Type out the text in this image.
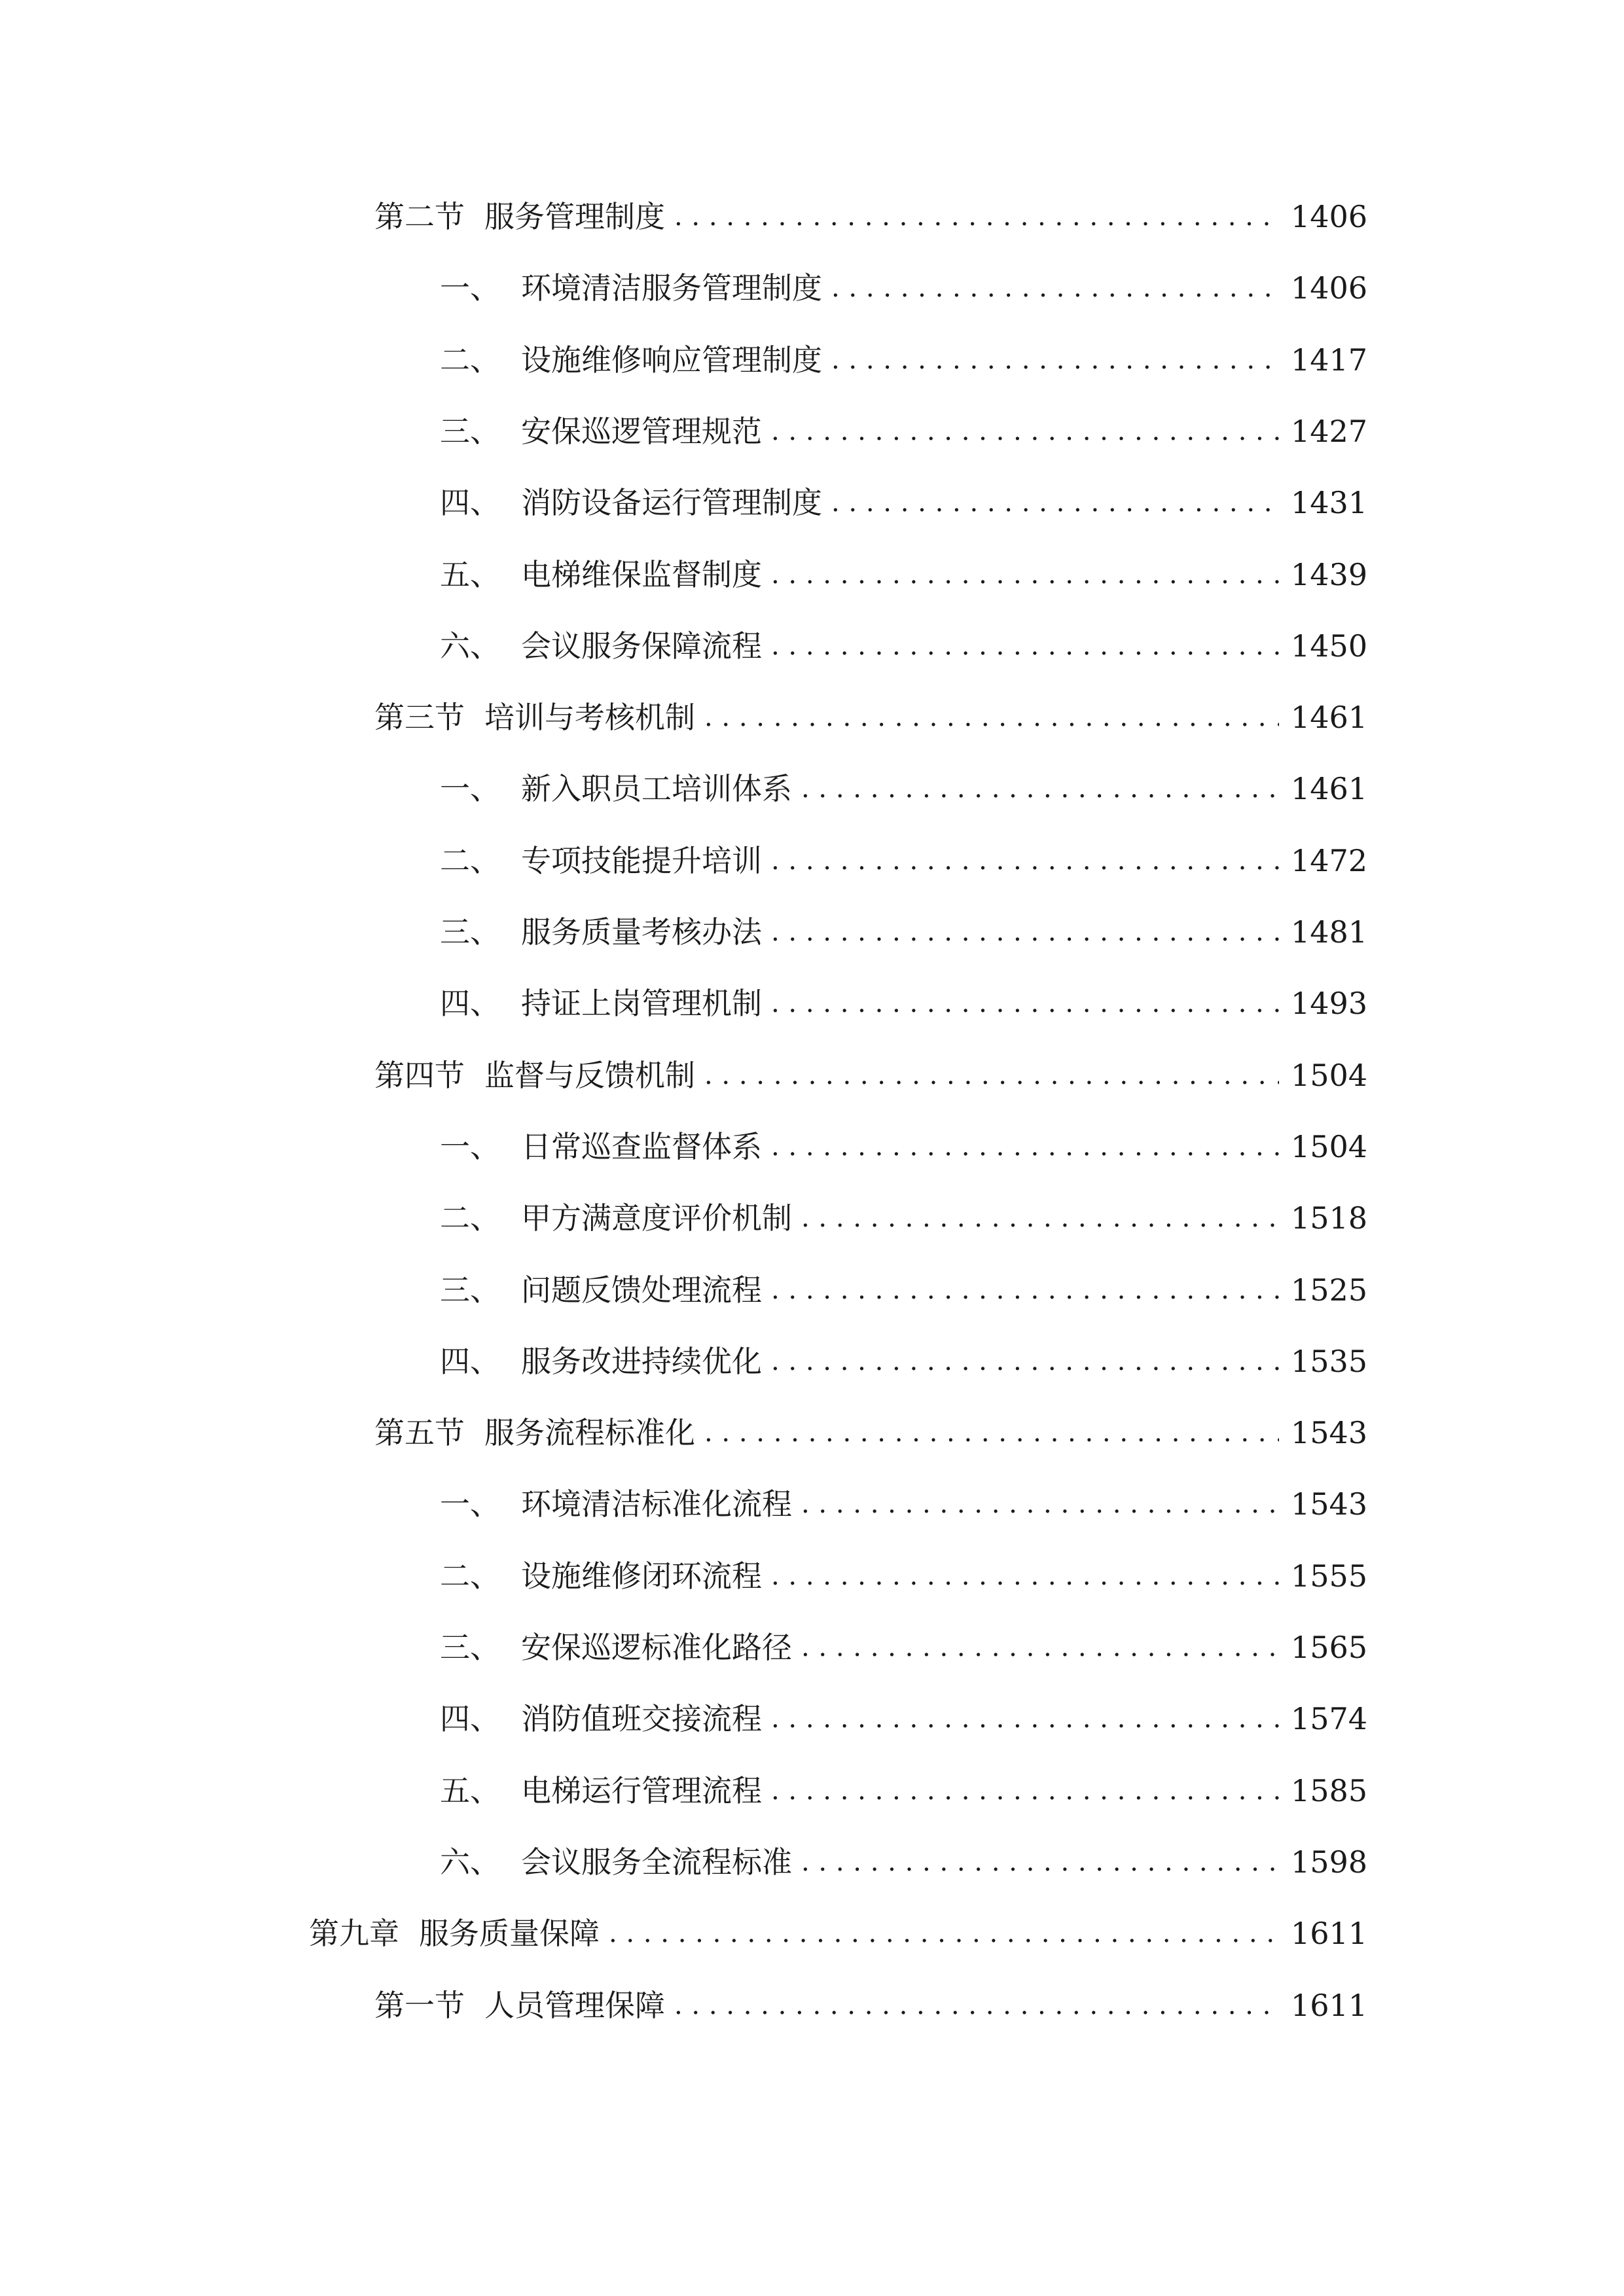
第二节 服务管理制度 . . .	1406
一、 环境清洁服务管理制度 . . .	1406
二、 设施维修响应管理制度 . . .	1417
三、 安保巡逻管理规范 . . .	1427
四、 消防设备运行管理制度 . . .	1431
五、 电梯维保监督制度 . . .	1439
六、 会议服务保障流程 . . .	1450
第三节 培训与考核机制 . . .	1461
一、 新入职员工培训体系 . . .	1461
二、 专项技能提升培训 . . .	1472
三、 服务质量考核办法 . . .	1481
四、 持证上岗管理机制 . . .	1493
第四节 监督与反馈机制 . . .	1504
一、 日常巡查监督体系 . . .	1504
二、 甲方满意度评价机制 . . .	1518
三、 问题反馈处理流程 . . .	1525
四、 服务改进持续优化 . . .	1535
第五节 服务流程标准化 . . .	1543
一、 环境清洁标准化流程 . . .	1543
二、 设施维修闭环流程 . . .	1555
三、 安保巡逻标准化路径 . . .	1565
四、 消防值班交接流程 . . .	1574
五、 电梯运行管理流程 . . .	1585
六、 会议服务全流程标准 . . .	1598
第九章 服务质量保障 . . .	1611
第一节 人员管理保障 . . .	1611
